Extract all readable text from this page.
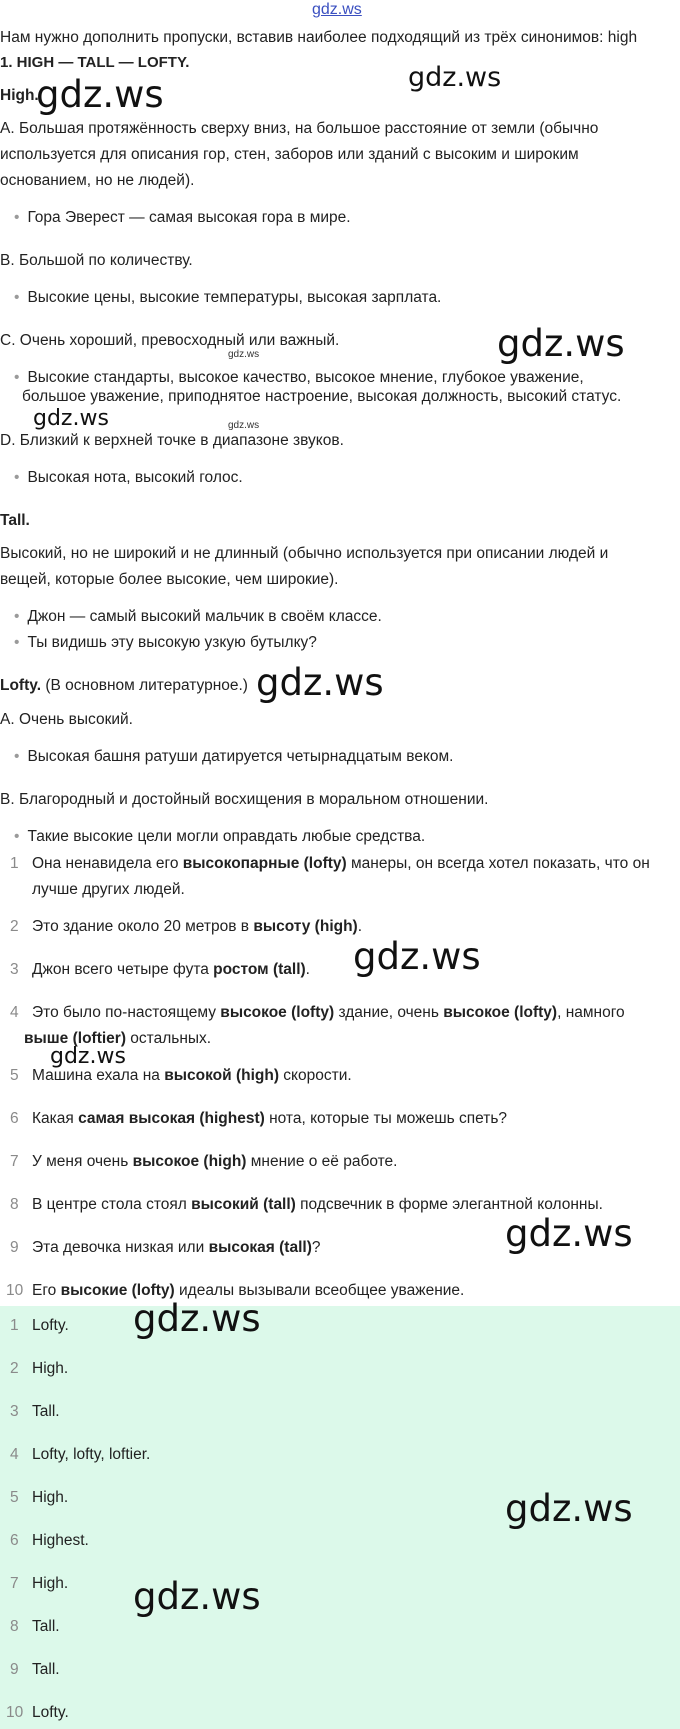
gdz.ws
Нам нужно дополнить пропуски, вставив наиболее подходящий из трёх синонимов: high
1. HIGH — TALL — LOFTY.
High.
A. Большая протяжённость сверху вниз, на большое расстояние от земли (обычно
используется для описания гор, стен, заборов или зданий с высоким и широким
основанием, но не людей).
• Гора Эверест — самая высокая гора в мире.
B. Большой по количеству.
• Высокие цены, высокие температуры, высокая зарплата.
C. Очень хороший, превосходный или важный.
• Высокие стандарты, высокое качество, высокое мнение, глубокое уважение,
большое уважение, приподнятое настроение, высокая должность, высокий статус.
D. Близкий к верхней точке в диапазоне звуков.
• Высокая нота, высокий голос.
Tall.
Высокий, но не широкий и не длинный (обычно используется при описании людей и
вещей, которые более высокие, чем широкие).
• Джон — самый высокий мальчик в своём классе.
• Ты видишь эту высокую узкую бутылку?
Lofty. (В основном литературное.)
A. Очень высокий.
• Высокая башня ратуши датируется четырнадцатым веком.
B. Благородный и достойный восхищения в моральном отношении.
• Такие высокие цели могли оправдать любые средства.
1 Она ненавидела его высокопарные (lofty) манеры, он всегда хотел показать, что он
лучше других людей.
2 Это здание около 20 метров в высоту (high).
3 Джон всего четыре фута ростом (tall).
4 Это было по-настоящему высокое (lofty) здание, очень высокое (lofty), намного
выше (loftier) остальных.
5 Машина ехала на высокой (high) скорости.
6 Какая самая высокая (highest) нота, которые ты можешь спеть?
7 У меня очень высокое (high) мнение о её работе.
8 В центре стола стоял высокий (tall) подсвечник в форме элегантной колонны.
9 Эта девочка низкая или высокая (tall)?
10 Его высокие (lofty) идеалы вызывали всеобщее уважение.
1 Lofty.
2 High.
3 Tall.
4 Lofty, lofty, loftier.
5 High.
6 Highest.
7 High.
8 Tall.
9 Tall.
10 Lofty.
gdz.ws	gdz.ws
gdz.ws
gdz.ws
gdz.ws	gdz.ws
gdz.ws
gdz.ws
gdz.ws
gdz.ws
gdz.ws
gdz.ws
gdz.ws
